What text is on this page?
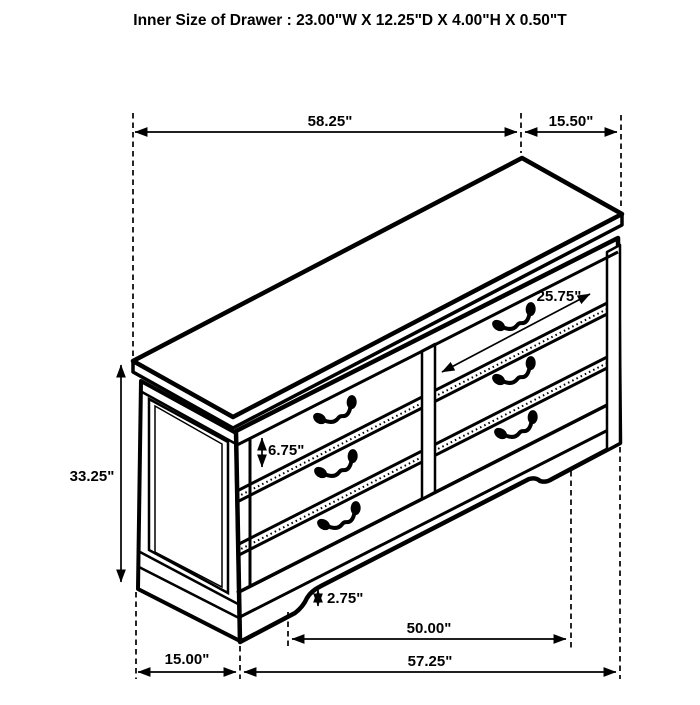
58.25"	15.50"
25.75"
6.75"
33.25"
2.75"
50.00"
15.00"	57.25"
Inner Size of Drawer : 23.00"W X 12.25"D X 4.00"H X 0.50"T
